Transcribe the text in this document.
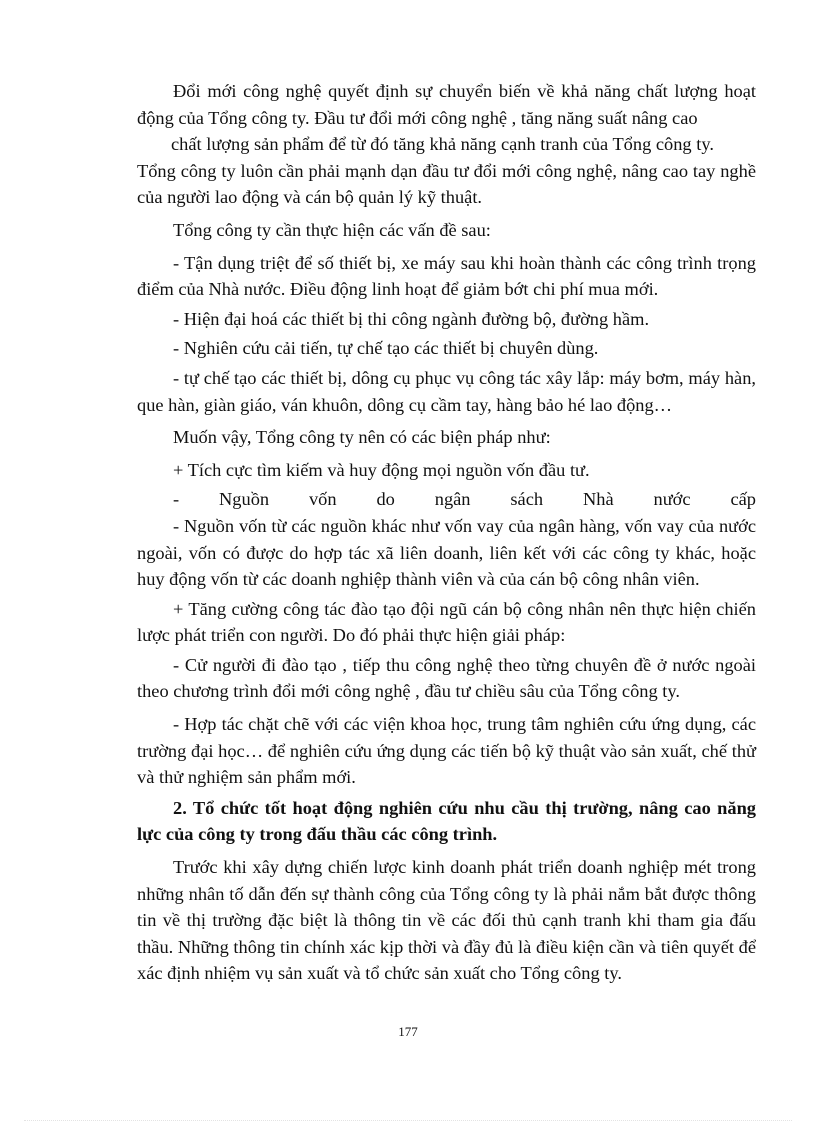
Đổi mới công nghệ quyết định sự chuyển biến về khả năng chất lượng hoạt động của Tổng công ty. Đầu tư đổi mới công nghệ , tăng năng suất nâng cao

chất lượng sản phẩm để từ đó tăng khả năng cạnh tranh của Tổng công ty.

Tổng công ty luôn cần phải mạnh dạn đầu tư đổi mới công nghệ, nâng cao tay nghề của người lao động và cán bộ quản lý kỹ thuật.

Tổng công ty cần thực hiện các vấn đề sau:

- Tận dụng triệt để số thiết bị, xe máy sau khi hoàn thành các công trình trọng điểm của Nhà nước. Điều động linh hoạt để giảm bớt chi phí mua mới.

- Hiện đại hoá các thiết bị thi công ngành đường bộ, đường hầm.

- Nghiên cứu cải tiến, tự chế tạo các thiết bị chuyên dùng.

- tự chế tạo các thiết bị, dông cụ phục vụ công tác xây lắp: máy bơm, máy hàn, que hàn, giàn giáo, ván khuôn, dông cụ cầm tay, hàng bảo hé lao động…

Muốn vậy, Tổng công ty nên có các biện pháp như:

+ Tích cực tìm kiếm và huy động mọi nguồn vốn đầu tư.

- Nguồn vốn do ngân sách Nhà nước cấp

- Nguồn vốn từ các nguồn khác như vốn vay của ngân hàng, vốn vay của nước ngoài, vốn có được do hợp tác xã liên doanh, liên kết với các công ty khác, hoặc huy động vốn từ các doanh nghiệp thành viên và của cán bộ công nhân viên.

+ Tăng cường công tác đào tạo đội ngũ cán bộ công nhân nên thực hiện chiến lược phát triển con người. Do đó phải thực hiện giải pháp:

- Cử người đi đào tạo , tiếp thu công nghệ theo từng chuyên đề ở nước ngoài theo chương trình đổi mới công nghệ , đầu tư chiều sâu của Tổng công ty.

- Hợp tác chặt chẽ với các viện khoa học, trung tâm nghiên cứu ứng dụng, các trường đại học… để nghiên cứu ứng dụng các tiến bộ kỹ thuật vào sản xuất, chế thử và thử nghiệm sản phẩm mới.

2. Tổ chức tốt hoạt động nghiên cứu nhu cầu thị trường, nâng cao năng lực của công ty trong đấu thầu các công trình.

Trước khi xây dựng chiến lược kinh doanh phát triển doanh nghiệp mét trong những nhân tố dẫn đến sự thành công của Tổng công ty là phải nắm bắt được thông tin về thị trường đặc biệt là thông tin về các đối thủ cạnh tranh khi tham gia đấu thầu. Những thông tin chính xác kịp thời và đầy đủ là điều kiện cần và tiên quyết để xác định nhiệm vụ sản xuất và tổ chức sản xuất cho Tổng công ty.

177
